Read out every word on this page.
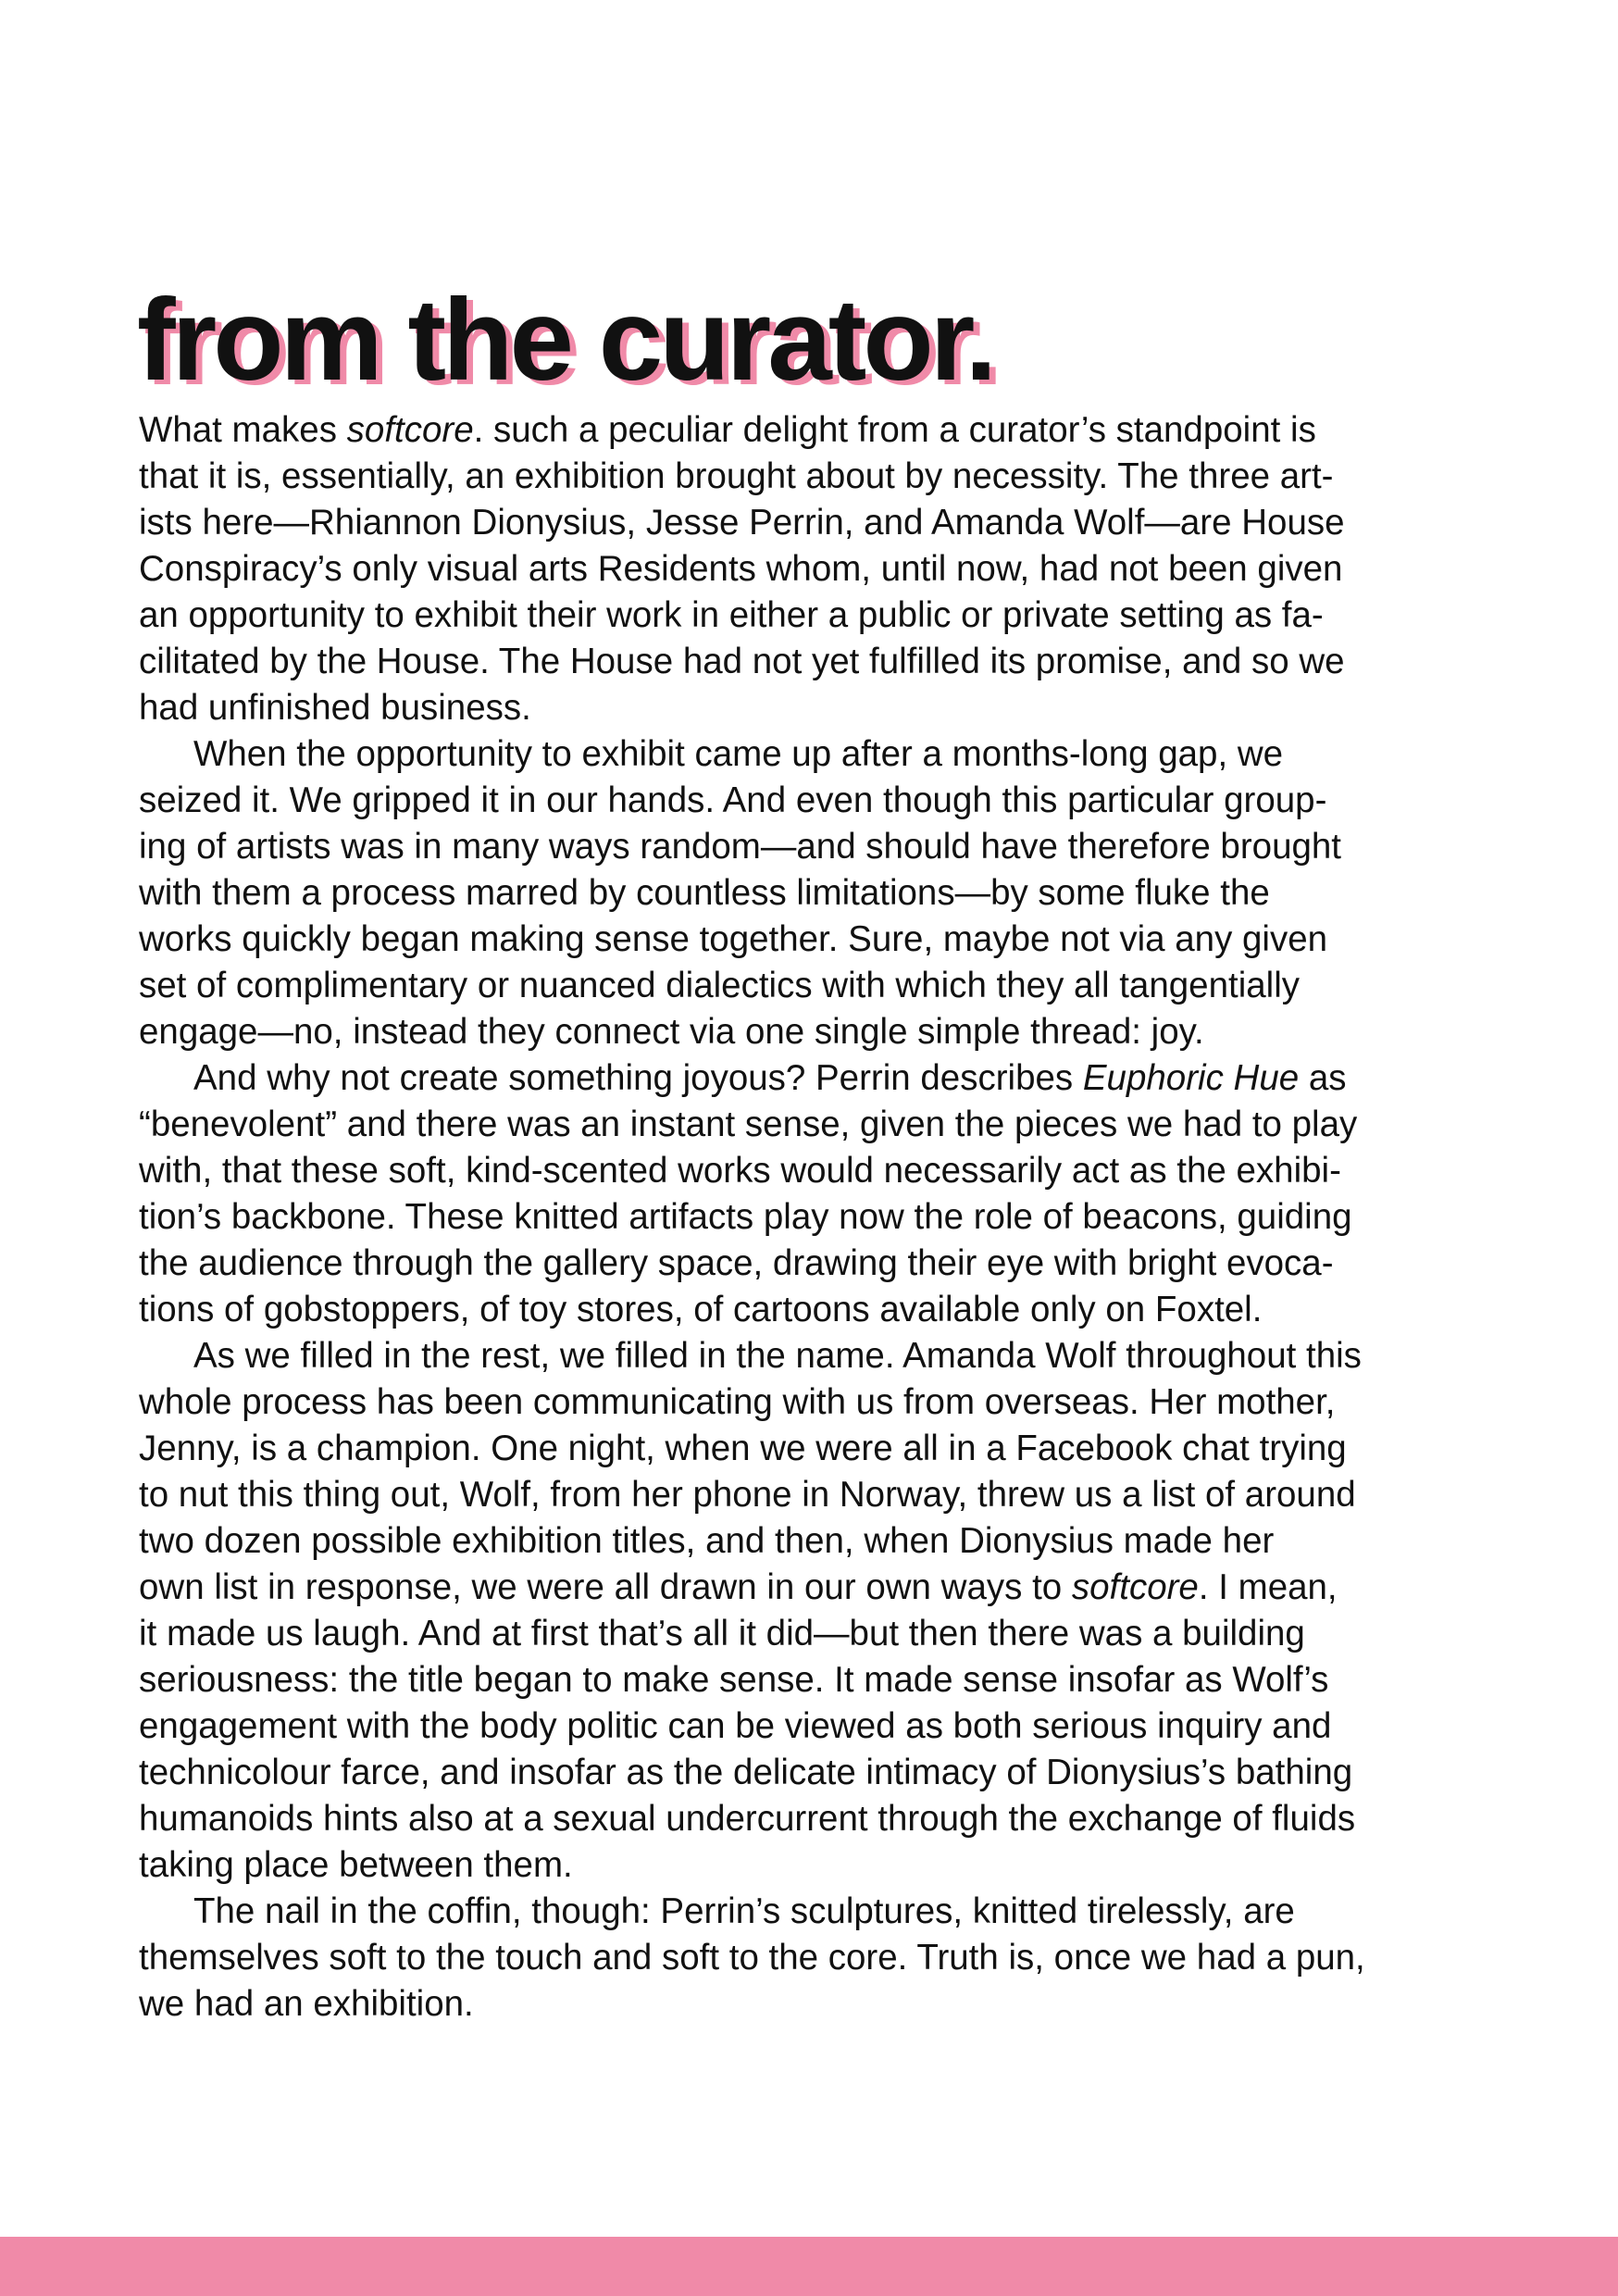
from the curator.

What makes softcore. such a peculiar delight from a curator’s standpoint is
that it is, essentially, an exhibition brought about by necessity. The three art-
ists here—Rhiannon Dionysius, Jesse Perrin, and Amanda Wolf—are House
Conspiracy’s only visual arts Residents whom, until now, had not been given
an opportunity to exhibit their work in either a public or private setting as fa-
cilitated by the House. The House had not yet fulfilled its promise, and so we
had unfinished business.

When the opportunity to exhibit came up after a months-long gap, we
seized it. We gripped it in our hands. And even though this particular group-
ing of artists was in many ways random—and should have therefore brought
with them a process marred by countless limitations—by some fluke the
works quickly began making sense together. Sure, maybe not via any given
set of complimentary or nuanced dialectics with which they all tangentially
engage—no, instead they connect via one single simple thread: joy.

And why not create something joyous? Perrin describes Euphoric Hue as
“benevolent” and there was an instant sense, given the pieces we had to play
with, that these soft, kind-scented works would necessarily act as the exhibi-
tion’s backbone. These knitted artifacts play now the role of beacons, guiding
the audience through the gallery space, drawing their eye with bright evoca-
tions of gobstoppers, of toy stores, of cartoons available only on Foxtel.

As we filled in the rest, we filled in the name. Amanda Wolf throughout this
whole process has been communicating with us from overseas. Her mother,
Jenny, is a champion. One night, when we were all in a Facebook chat trying
to nut this thing out, Wolf, from her phone in Norway, threw us a list of around
two dozen possible exhibition titles, and then, when Dionysius made her
own list in response, we were all drawn in our own ways to softcore. I mean,
it made us laugh. And at first that’s all it did—but then there was a building
seriousness: the title began to make sense. It made sense insofar as Wolf’s
engagement with the body politic can be viewed as both serious inquiry and
technicolour farce, and insofar as the delicate intimacy of Dionysius’s bathing
humanoids hints also at a sexual undercurrent through the exchange of fluids
taking place between them.

The nail in the coffin, though: Perrin’s sculptures, knitted tirelessly, are
themselves soft to the touch and soft to the core. Truth is, once we had a pun,
we had an exhibition.
